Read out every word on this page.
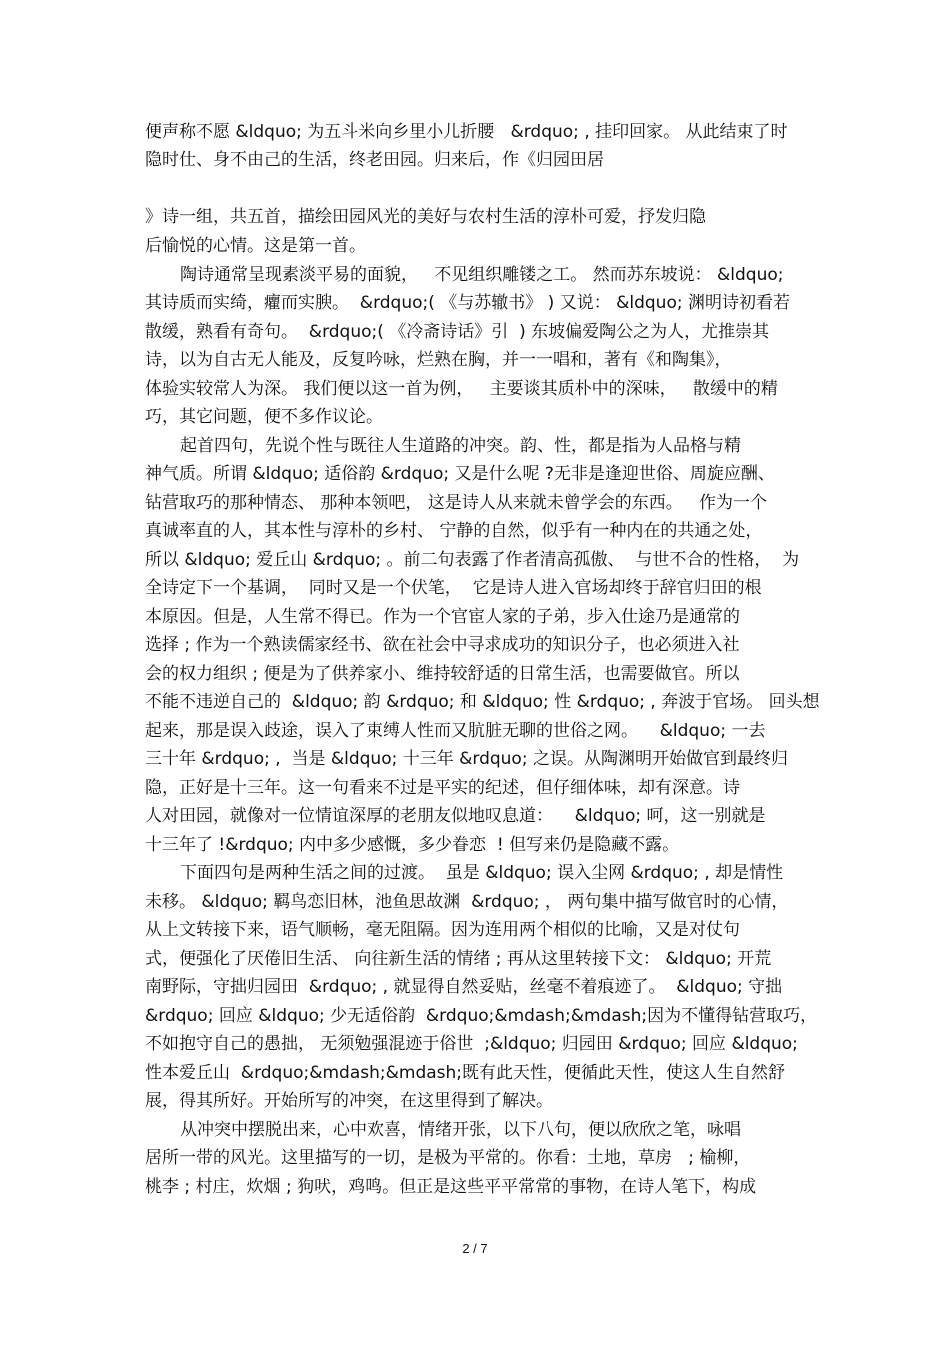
便声称不愿 &ldquo; 为五斗米向乡里小儿折腰   &rdquo; , 挂印回家。 从此结束了时
隐时仕、身不由己的生活，终老田园。归来后，作《归园田居
》诗一组，共五首，描绘田园风光的美好与农村生活的淳朴可爱，抒发归隐
后愉悦的心情。这是第一首。
陶诗通常呈现素淡平易的面貌，   不见组织雕镂之工。 然而苏东坡说： &ldquo;
其诗质而实绮，癯而实腴。  &rdquo;( 《与苏辙书》 ) 又说： &ldquo; 渊明诗初看若
散缓，熟看有奇句。  &rdquo;( 《冷斋诗话》引  ) 东坡偏爱陶公之为人，尤推崇其
诗，以为自古无人能及，反复吟咏，烂熟在胸，并一一唱和，著有《和陶集》，
体验实较常人为深。 我们便以这一首为例，   主要谈其质朴中的深味，   散缓中的精
巧，其它问题，便不多作议论。
起首四句，先说个性与既往人生道路的冲突。韵、性，都是指为人品格与精
神气质。所谓 &ldquo; 适俗韵 &rdquo; 又是什么呢 ?无非是逢迎世俗、周旋应酬、
钻营取巧的那种情态、 那种本领吧， 这是诗人从来就未曾学会的东西。   作为一个
真诚率直的人，其本性与淳朴的乡村、 宁静的自然，似乎有一种内在的共通之处，
所以 &ldquo; 爱丘山 &rdquo; 。前二句表露了作者清高孤傲、  与世不合的性格，  为
全诗定下一个基调，  同时又是一个伏笔，  它是诗人进入官场却终于辞官归田的根
本原因。但是，人生常不得已。作为一个官宦人家的子弟，步入仕途乃是通常的
选择 ; 作为一个熟读儒家经书、欲在社会中寻求成功的知识分子，也必须进入社
会的权力组织 ; 便是为了供养家小、维持较舒适的日常生活，也需要做官。所以
不能不违逆自己的  &ldquo; 韵 &rdquo; 和 &ldquo; 性 &rdquo; , 奔波于官场。 回头想
起来，那是误入歧途，误入了束缚人性而又肮脏无聊的世俗之网。    &ldquo; 一去
三十年 &rdquo; ,  当是 &ldquo; 十三年 &rdquo; 之误。从陶渊明开始做官到最终归
隐，正好是十三年。这一句看来不过是平实的纪述，但仔细体味，却有深意。诗
人对田园，就像对一位情谊深厚的老朋友似地叹息道：    &ldquo; 呵，这一别就是
十三年了 !&rdquo; 内中多少感慨，多少眷恋  ! 但写来仍是隐藏不露。
下面四句是两种生活之间的过渡。  虽是 &ldquo; 误入尘网 &rdquo; , 却是情性
未移。 &ldquo; 羁鸟恋旧林，池鱼思故渊  &rdquo; ， 两句集中描写做官时的心情，
从上文转接下来，语气顺畅，毫无阻隔。因为连用两个相似的比喻，又是对仗句
式，便强化了厌倦旧生活、 向往新生活的情绪 ; 再从这里转接下文： &ldquo; 开荒
南野际，守拙归园田  &rdquo; , 就显得自然妥贴，丝毫不着痕迹了。  &ldquo; 守拙
&rdquo; 回应 &ldquo; 少无适俗韵  &rdquo;&mdash;&mdash;因为不懂得钻营取巧，
不如抱守自己的愚拙， 无须勉强混迹于俗世  ;&ldquo; 归园田 &rdquo; 回应 &ldquo;
性本爱丘山  &rdquo;&mdash;&mdash;既有此天性，便循此天性，使这人生自然舒
展，得其所好。开始所写的冲突，在这里得到了解决。
从冲突中摆脱出来，心中欢喜，情绪开张，以下八句，便以欣欣之笔，咏唱
居所一带的风光。这里描写的一切，是极为平常的。你看：土地，草房   ; 榆柳，
桃李 ; 村庄，炊烟 ; 狗吠，鸡鸣。但正是这些平平常常的事物，在诗人笔下，构成
2 / 7
